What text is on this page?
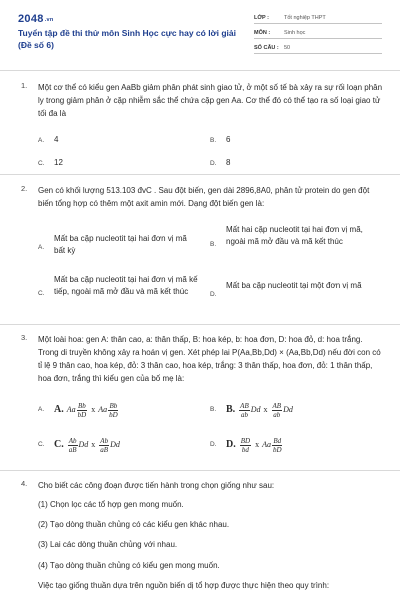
2048.vn
Tuyển tập đề thi thử môn Sinh Học cực hay có lời giải (Đề số 6)
LỚP :	Tốt nghiệp THPT
MÔN :	Sinh học
SỐ CÂU : 50
1. Một cơ thể có kiểu gen AaBb giảm phân phát sinh giao tử, ở một số tế bà xảy ra sự rối loạn phân ly trong giảm phân ở cặp nhiễm sắc thể chứa cặp gen Aa. Cơ thể đó có thể tạo ra số loại giao tử tối đa là
A.	4	B.	6
C.	12	D.	8
2. Gen có khối lượng 513.103 đvC . Sau đột biến, gen dài 2896,8A0, phân tử protein do gen đột biến tổng hợp có thêm một axit amin mới. Dạng đột biến gen là:
A.
Mất ba cặp nucleotit tại hai đơn vị mã bất kỳ
B.
Mất hai cặp nucleotit tại hai đơn vị mã, ngoài mã mở đầu và mã kết thúc
C.
Mất ba cặp nucleotit tại hai đơn vị mã kế tiếp, ngoài mã mở đầu và mã kết thúc	D.
Mất ba cặp nucleotit tại một đơn vị mã
3. Một loài hoa: gen A: thân cao, a: thân thấp, B: hoa kép, b: hoa đơn, D: hoa đỏ, d: hoa trắng. Trong di truyền không xảy ra hoán vị gen. Xét phép lai P(Aa,Bb,Dd) × (Aa,Bb,Dd) nếu đời con có tỉ lệ 9 thân cao, hoa kép, đỏ: 3 thân cao, hoa kép, trắng: 3 thân thấp, hoa đơn, đỏ: 1 thân thấp, hoa đơn, trắng thì kiểu gen của bố mẹ là:
A. A. Aa $\frac{Bb}{bD}$ x Aa $\frac{Bb}{bD}$	B. B. $\frac{AB}{ab}$ Dd x $\frac{AB}{ab}$ Dd
C. C. $\frac{Ab}{aB}$ Dd x $\frac{Ab}{aB}$ Dd	D. D. $\frac{BD}{bd}$ x Aa $\frac{Bd}{bD}$
4. Cho biết các công đoạn được tiến hành trong chọn giống như sau:
(1) Chọn lọc các tổ hợp gen mong muốn.
(2) Tạo dòng thuần chủng có các kiểu gen khác nhau.
(3) Lai các dòng thuần chủng với nhau.
(4) Tạo dòng thuần chủng có kiểu gen mong muốn.
Việc tạo giống thuần dựa trên nguồn biến dị tổ hợp được thực hiện theo quy trình:
